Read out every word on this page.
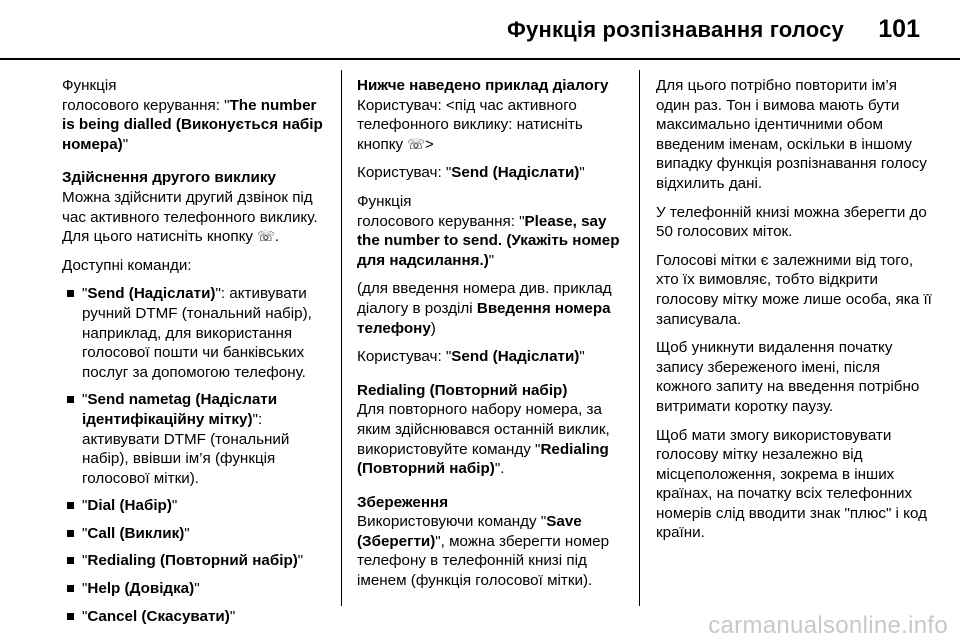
Функція розпізнавання голосу 101

Функція
голосового керування: "The number is being dialled (Виконується набір номера)"

Здійснення другого виклику

Можна здійснити другий дзвінок під час активного телефонного виклику. Для цього натисніть кнопку ☏.

Доступні команди:

"Send (Надіслати)": активувати ручний DTMF (тональний набір), наприклад, для використання голосової пошти чи банківських послуг за допомогою телефону.
"Send nametag (Надіслати ідентифікаційну мітку)": активувати DTMF (тональний набір), ввівши ім’я (функція голосової мітки).
"Dial (Набір)"
"Call (Виклик)"
"Redialing (Повторний набір)"
"Help (Довідка)"
"Cancel (Скасувати)"

Нижче наведено приклад діалогу

Користувач: <під час активного телефонного виклику: натисніть кнопку ☏>

Користувач: "Send (Надіслати)"

Функція
голосового керування: "Please, say the number to send. (Укажіть номер для надсилання.)"

(для введення номера див. приклад діалогу в розділі Введення номера телефону)

Користувач: "Send (Надіслати)"

Redialing (Повторний набір)

Для повторного набору номера, за яким здійснювався останній виклик, використовуйте команду "Redialing (Повторний набір)".

Збереження

Використовуючи команду "Save (Зберегти)", можна зберегти номер телефону в телефонній книзі під іменем (функція голосової мітки).

Для цього потрібно повторити ім’я один раз. Тон і вимова мають бути максимально ідентичними обом введеним іменам, оскільки в іншому випадку функція розпізнавання голосу відхилить дані.

У телефонній книзі можна зберегти до 50 голосових міток.

Голосові мітки є залежними від того, хто їх вимовляє, тобто відкрити голосову мітку може лише особа, яка її записувала.

Щоб уникнути видалення початку запису збереженого імені, після кожного запиту на введення потрібно витримати коротку паузу.

Щоб мати змогу використовувати голосову мітку незалежно від місцеположення, зокрема в інших країнах, на початку всіх телефонних номерів слід вводити знак "плюс" і код країни.

carmanualsonline.info
